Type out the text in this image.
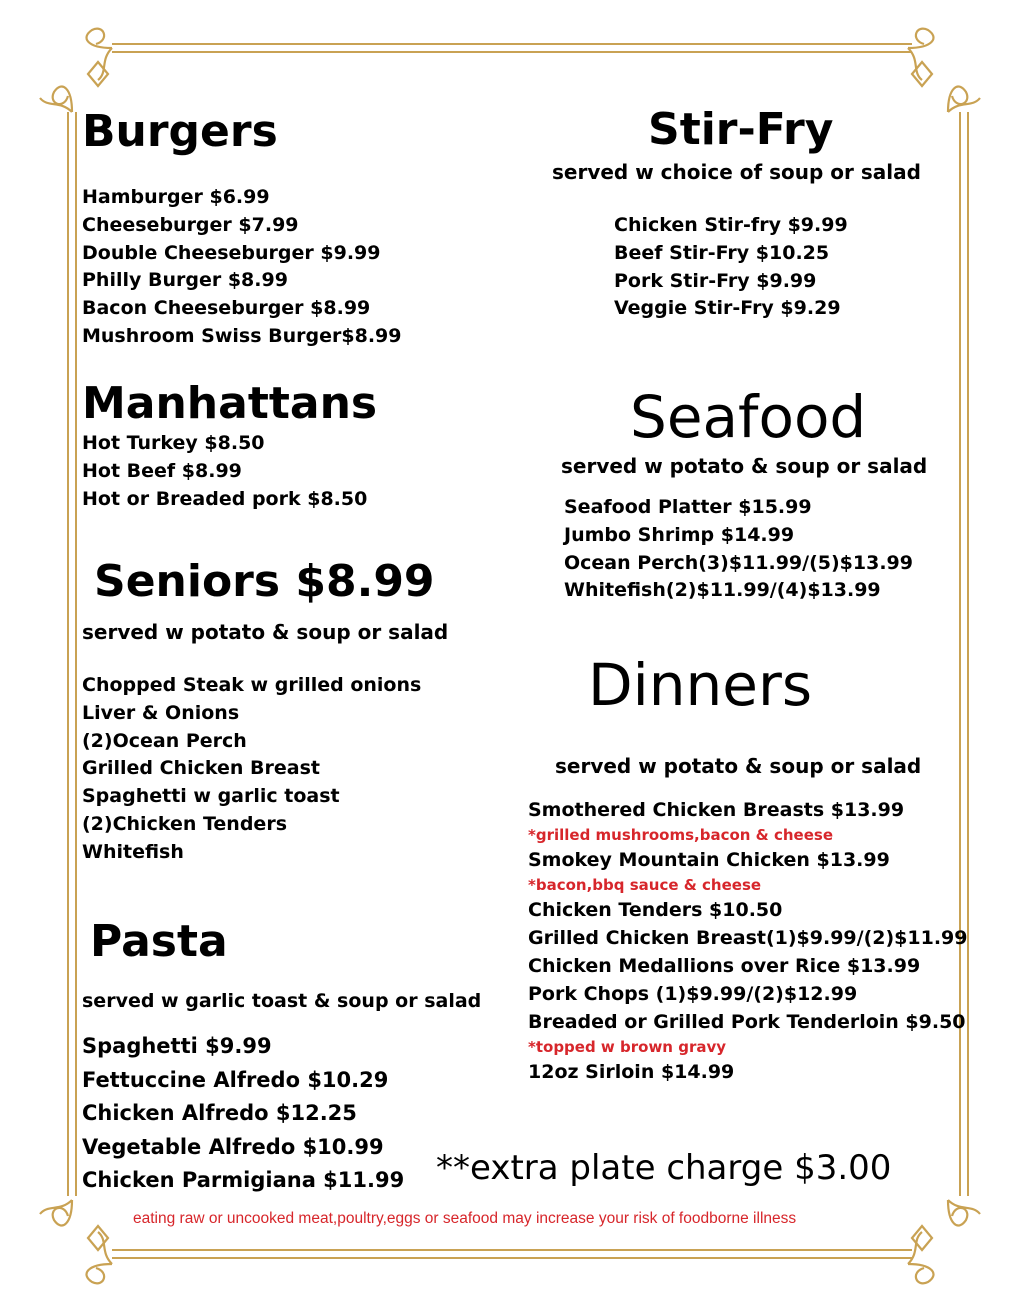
Burgers
Hamburger $6.99
Cheeseburger $7.99
Double Cheeseburger $9.99
Philly Burger $8.99
Bacon Cheeseburger $8.99
Mushroom Swiss Burger$8.99
Manhattans
Hot Turkey $8.50
Hot Beef $8.99
Hot or Breaded pork $8.50
Seniors $8.99
served w potato & soup or salad
Chopped Steak w grilled onions
Liver & Onions
(2)Ocean Perch
Grilled Chicken Breast
Spaghetti w garlic toast
(2)Chicken Tenders
Whitefish
Pasta
served w garlic toast & soup or salad
Spaghetti $9.99
Fettuccine Alfredo $10.29
Chicken Alfredo $12.25
Vegetable Alfredo $10.99
Chicken Parmigiana $11.99
Stir-Fry
served w choice of soup or salad
Chicken Stir-fry $9.99
Beef Stir-Fry $10.25
Pork Stir-Fry $9.99
Veggie Stir-Fry $9.29
Seafood
served w potato & soup or salad
Seafood Platter $15.99
Jumbo Shrimp $14.99
Ocean Perch(3)$11.99/(5)$13.99
Whitefish(2)$11.99/(4)$13.99
Dinners
served w potato & soup or salad
Smothered Chicken Breasts $13.99
*grilled mushrooms,bacon & cheese
Smokey Mountain Chicken $13.99
*bacon,bbq sauce & cheese
Chicken Tenders $10.50
Grilled Chicken Breast(1)$9.99/(2)$11.99
Chicken Medallions over Rice $13.99
Pork Chops (1)$9.99/(2)$12.99
Breaded or Grilled Pork Tenderloin $9.50
*topped w brown gravy
12oz Sirloin $14.99
**extra plate charge $3.00
eating raw or uncooked meat,poultry,eggs or seafood may increase your risk of foodborne illness
